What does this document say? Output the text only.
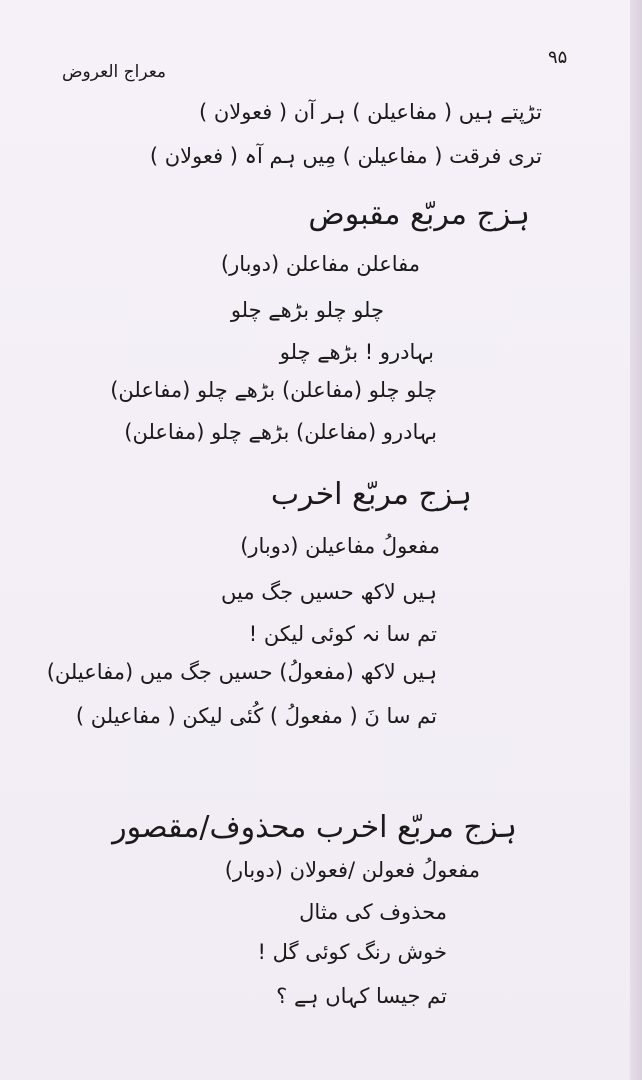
معراج العروض
۹۵
تڑپتے ہیں ( مفاعیلن ) ہر آن ( فعولان )
تری فرقت ( مفاعیلن ) مِیں ہم آہ ( فعولان )
ہزج مربّع مقبوض
مفاعلن مفاعلن (دوبار)
چلو چلو بڑھے چلو
بہادرو ! بڑھے چلو
چلو چلو (مفاعلن) بڑھے چلو (مفاعلن)
بہادرو (مفاعلن) بڑھے چلو (مفاعلن)
ہزج مربّع اخرب
مفعولُ مفاعیلن (دوبار)
ہیں لاکھ حسیں جگ میں
تم سا نہ کوئی لیکن !
ہیں لاکھ (مفعولُ) حسیں جگ میں (مفاعیلن)
تم سا نَ ( مفعولُ ) کُئی لیکن ( مفاعیلن )
ہزج مربّع اخرب محذوف/مقصور
مفعولُ فعولن /فعولان (دوبار)
محذوف کی مثال
خوش رنگ کوئی گل !
تم جیسا کہاں ہے ؟
